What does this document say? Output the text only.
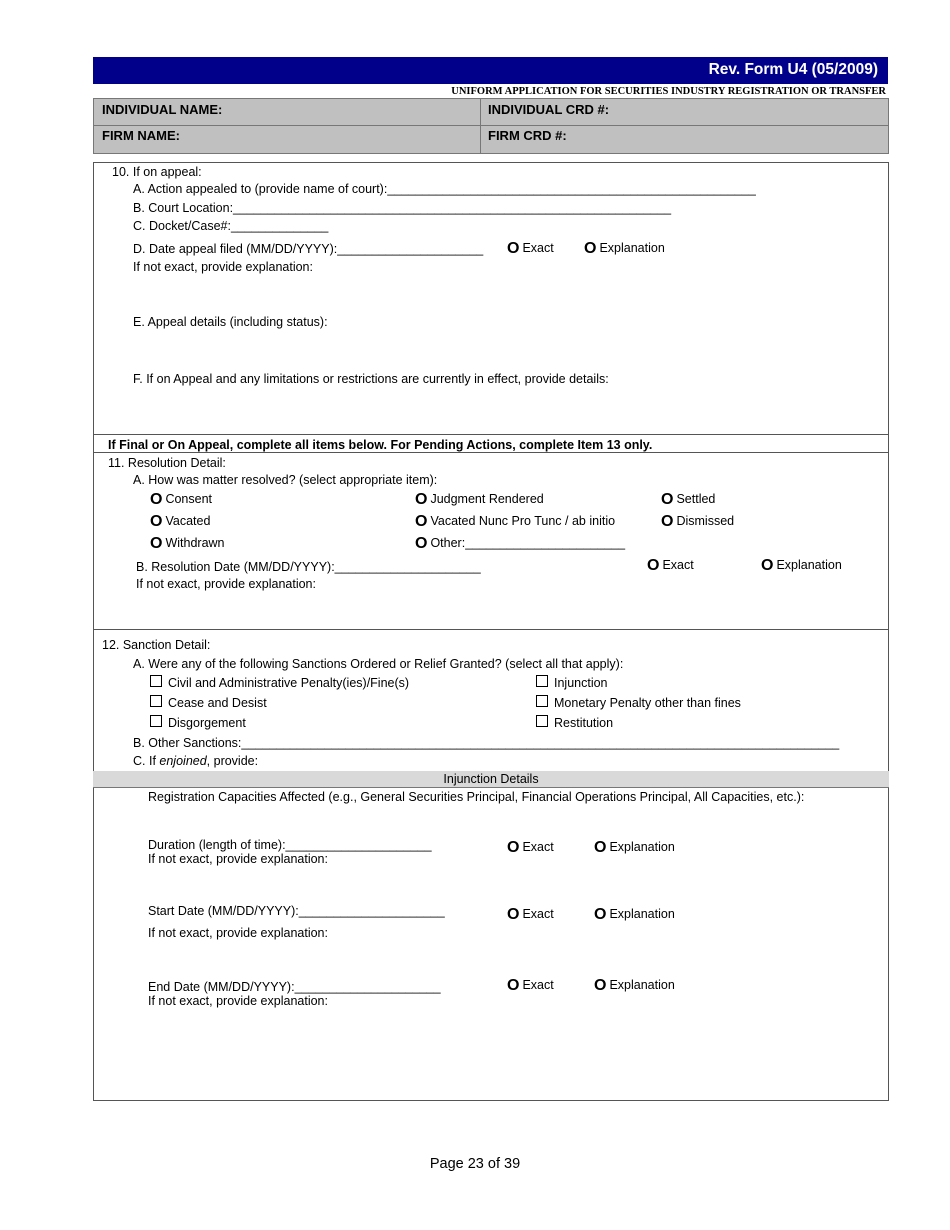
Rev. Form U4 (05/2009)
UNIFORM APPLICATION FOR SECURITIES INDUSTRY REGISTRATION OR TRANSFER
INDIVIDUAL NAME:	INDIVIDUAL CRD #:
FIRM NAME:	FIRM CRD #:
10. If on appeal:
A. Action appealed to (provide name of court):_____________________________________________________
B. Court Location:_______________________________________________________________
C. Docket/Case#:______________
D. Date appeal filed (MM/DD/YYYY):_____________________ O Exact O Explanation
If not exact, provide explanation:
E. Appeal details (including status):
F. If on Appeal and any limitations or restrictions are currently in effect, provide details:
If Final or On Appeal, complete all items below. For Pending Actions, complete Item 13 only.
11. Resolution Detail:
A. How was matter resolved? (select appropriate item):
O Consent	O Judgment Rendered	O Settled
O Vacated	O Vacated Nunc Pro Tunc / ab initio	O Dismissed
O Withdrawn	O Other:_______________________
B. Resolution Date (MM/DD/YYYY):_____________________	O Exact	O Explanation
If not exact, provide explanation:
12. Sanction Detail:
A. Were any of the following Sanctions Ordered or Relief Granted? (select all that apply):
Civil and Administrative Penalty(ies)/Fine(s)	Injunction
Cease and Desist	Monetary Penalty other than fines
Disgorgement	Restitution
B. Other Sanctions:______________________________________________________________________________________
C. If enjoined, provide:
Injunction Details
Registration Capacities Affected (e.g., General Securities Principal, Financial Operations Principal, All Capacities, etc.):
Duration (length of time):_____________________
If not exact, provide explanation:
O Exact	O Explanation
Start Date (MM/DD/YYYY):_____________________
If not exact, provide explanation:
O Exact	O Explanation
End Date (MM/DD/YYYY):_____________________
If not exact, provide explanation:
O Exact	O Explanation
Page 23 of 39
